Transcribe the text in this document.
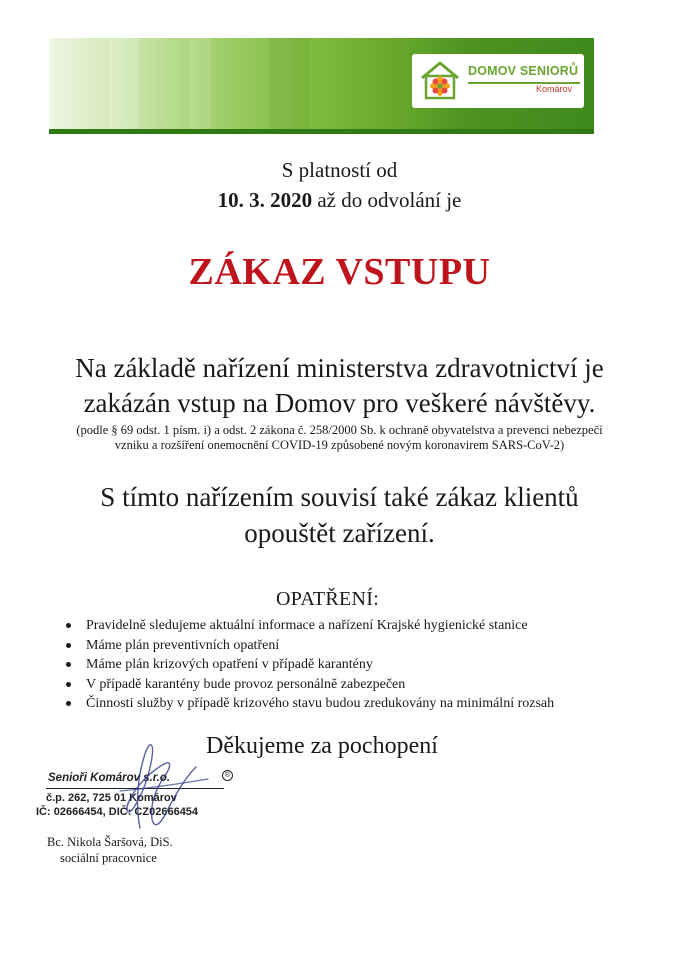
DOMOV SENIORŮ
Komárov
S platností od
10. 3. 2020 až do odvolání je
ZÁKAZ VSTUPU
Na základě nařízení ministerstva zdravotnictví je
zakázán vstup na Domov pro veškeré návštěvy.
(podle § 69 odst. 1 písm. i) a odst. 2 zákona č. 258/2000 Sb. k ochraně obyvatelstva a prevenci nebezpečí
vzniku a rozšíření onemocnění COVID-19 způsobené novým koronavirem SARS-CoV-2)
S tímto nařízením souvisí také zákaz klientů
opouštět zařízení.
OPATŘENÍ:
Pravidelně sledujeme aktuální informace a nařízení Krajské hygienické stanice
Máme plán preventivních opatření
Máme plán krizových opatření v případě karantény
V případě karantény bude provoz personálně zabezpečen
Činnosti služby v případě krizového stavu budou zredukovány na minimální rozsah
Děkujeme za pochopení
Senioři Komárov s.r.o.	®
č.p. 262, 725 01 Komárov
IČ: 02666454, DIČ: CZ02666454
Bc. Nikola Šaršová, DiS.
sociální pracovnice
